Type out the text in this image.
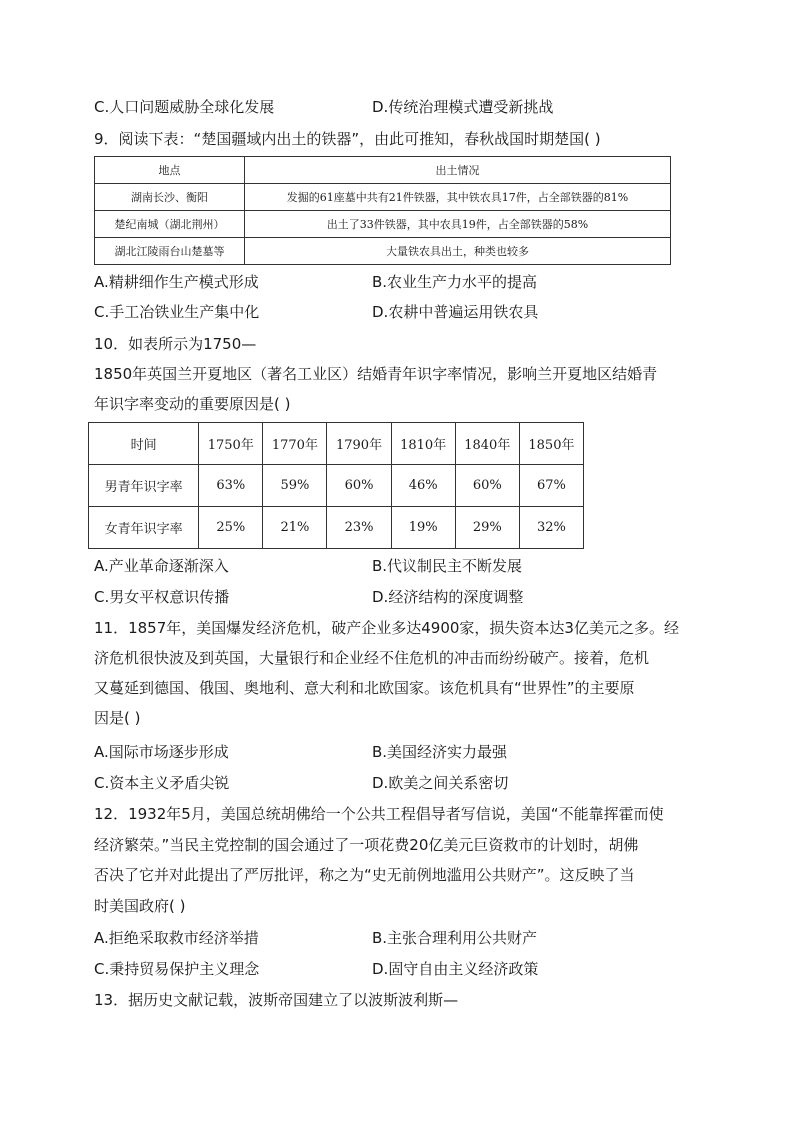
C.人口问题威胁全球化发展	D.传统治理模式遭受新挑战
9．阅读下表：“楚国疆域内出土的铁器”，由此可推知，春秋战国时期楚国( )
地点	出土情况
湖南长沙、衡阳	发掘的61座墓中共有21件铁器，其中铁农具17件，占全部铁器的81%
楚纪南城（湖北荆州）	出土了33件铁器，其中农具19件，占全部铁器的58%
湖北江陵雨台山楚墓等	大量铁农具出土，种类也较多
A.精耕细作生产模式形成	B.农业生产力水平的提高
C.手工冶铁业生产集中化	D.农耕中普遍运用铁农具
10．如表所示为1750—
1850年英国兰开夏地区（著名工业区）结婚青年识字率情况，影响兰开夏地区结婚青
年识字率变动的重要原因是( )
时间	1750年	1770年	1790年	1810年	1840年	1850年
男青年识字率	63%	59%	60%	46%	60%	67%
女青年识字率	25%	21%	23%	19%	29%	32%
A.产业革命逐渐深入	B.代议制民主不断发展
C.男女平权意识传播	D.经济结构的深度调整
11．1857年，美国爆发经济危机，破产企业多达4900家，损失资本达3亿美元之多。经
济危机很快波及到英国，大量银行和企业经不住危机的冲击而纷纷破产。接着，危机
又蔓延到德国、俄国、奥地利、意大利和北欧国家。该危机具有“世界性”的主要原
因是( )
A.国际市场逐步形成	B.美国经济实力最强
C.资本主义矛盾尖锐	D.欧美之间关系密切
12．1932年5月，美国总统胡佛给一个公共工程倡导者写信说，美国“不能靠挥霍而使
经济繁荣。”当民主党控制的国会通过了一项花费20亿美元巨资救市的计划时，胡佛
否决了它并对此提出了严厉批评，称之为“史无前例地滥用公共财产”。这反映了当
时美国政府( )
A.拒绝采取救市经济举措	B.主张合理利用公共财产
C.秉持贸易保护主义理念	D.固守自由主义经济政策
13．据历史文献记载，波斯帝国建立了以波斯波利斯—
